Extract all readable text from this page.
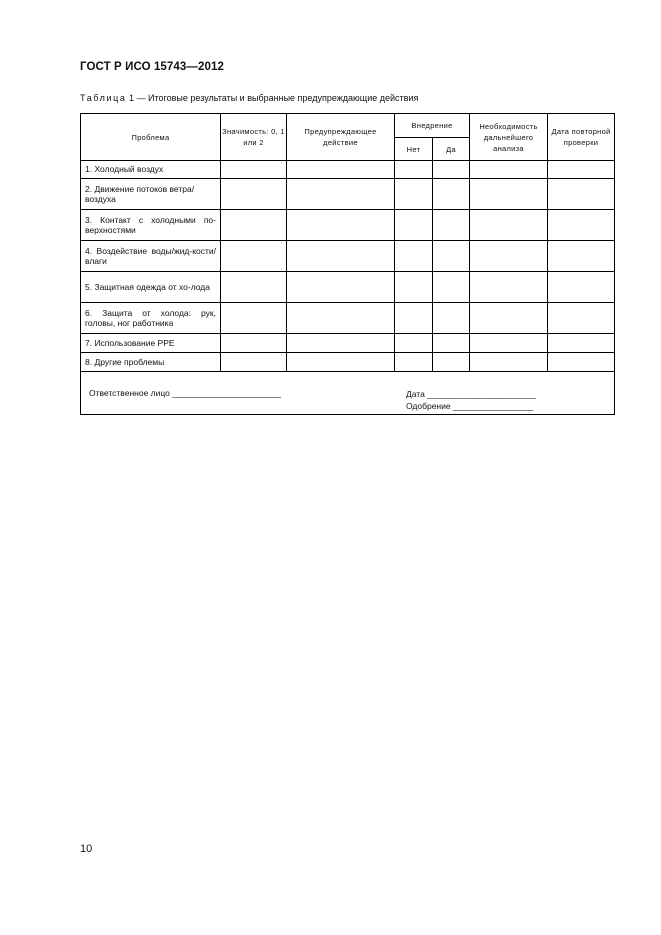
ГОСТ Р ИСО 15743—2012
Таблица 1 — Итоговые результаты и выбранные предупреждающие действия
Проблема	Значимость: 0, 1 или 2	Предупреждающее действие	Внедрение		Необходимость дальнейшего анализа	Дата повторной проверки
			Нет	Да		
1. Холодный воздух						
2. Движение потоков ветра/ воздуха						
3. Контакт с холодными по-верхностями						
4. Воздействие воды/жид-кости/влаги						
5. Защитная одежда от хо-лода						
6. Защита от холода: рук, головы, ног работника						
7. Использование PPE						
8. Другие проблемы						

Ответственное лицо _______________________ Дата _______________________
Одобрение _________________						
10
